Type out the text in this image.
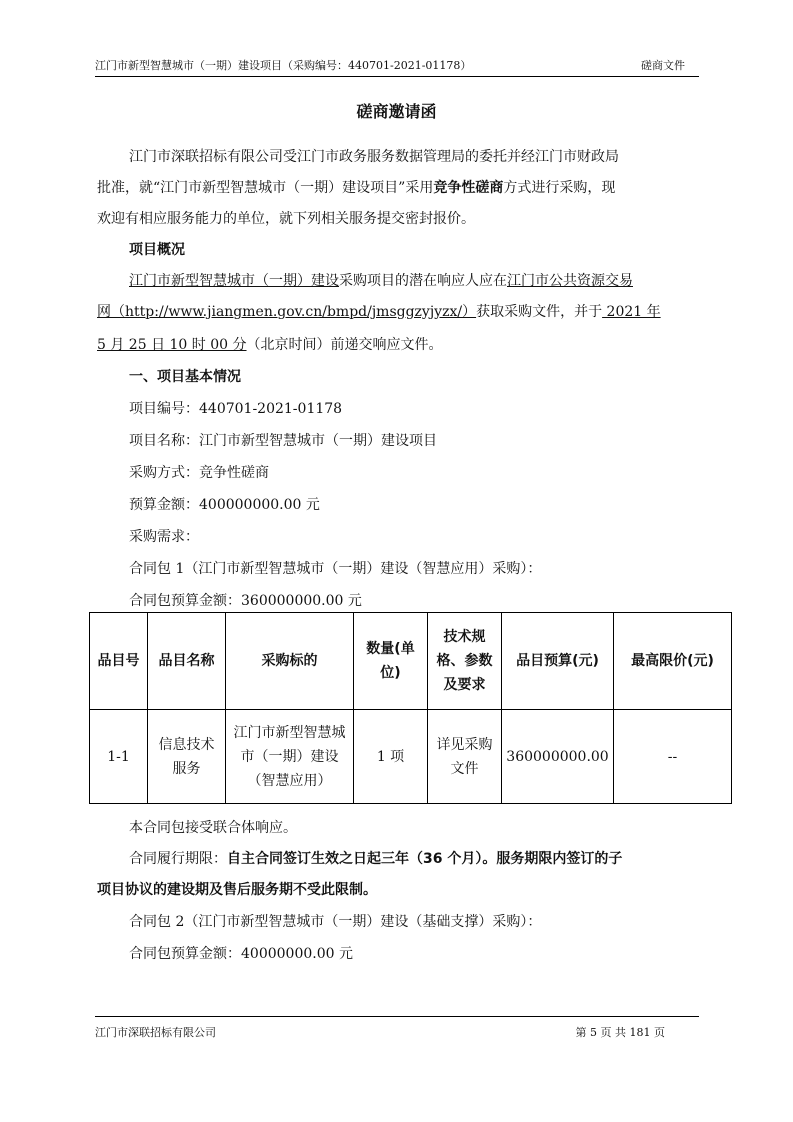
江门市新型智慧城市（一期）建设项目（采购编号：440701-2021-01178）	磋商文件
磋商邀请函
江门市深联招标有限公司受江门市政务服务数据管理局的委托并经江门市财政局
批准，就“江门市新型智慧城市（一期）建设项目”采用竞争性磋商方式进行采购，现
欢迎有相应服务能力的单位，就下列相关服务提交密封报价。
项目概况
江门市新型智慧城市（一期）建设采购项目的潜在响应人应在江门市公共资源交易
网（http://www.jiangmen.gov.cn/bmpd/jmsggzyjyzx/）获取采购文件，并于 2021 年
5 月 25 日 10 时 00 分（北京时间）前递交响应文件。
一、项目基本情况
项目编号：440701-2021-01178
项目名称：江门市新型智慧城市（一期）建设项目
采购方式：竞争性磋商
预算金额：400000000.00 元
采购需求：
合同包 1（江门市新型智慧城市（一期）建设（智慧应用）采购）：
合同包预算金额：360000000.00 元
品目号	品目名称	采购标的	数量(单位)	技术规格、参数及要求	品目预算(元)	最高限价(元)
1-1	信息技术服务	江门市新型智慧城市（一期）建设（智慧应用）	1 项	详见采购文件	360000000.00	--
本合同包接受联合体响应。
合同履行期限：自主合同签订生效之日起三年（36 个月）。服务期限内签订的子
项目协议的建设期及售后服务期不受此限制。
合同包 2（江门市新型智慧城市（一期）建设（基础支撑）采购）：
合同包预算金额：40000000.00 元
江门市深联招标有限公司	第 5 页 共 181 页
